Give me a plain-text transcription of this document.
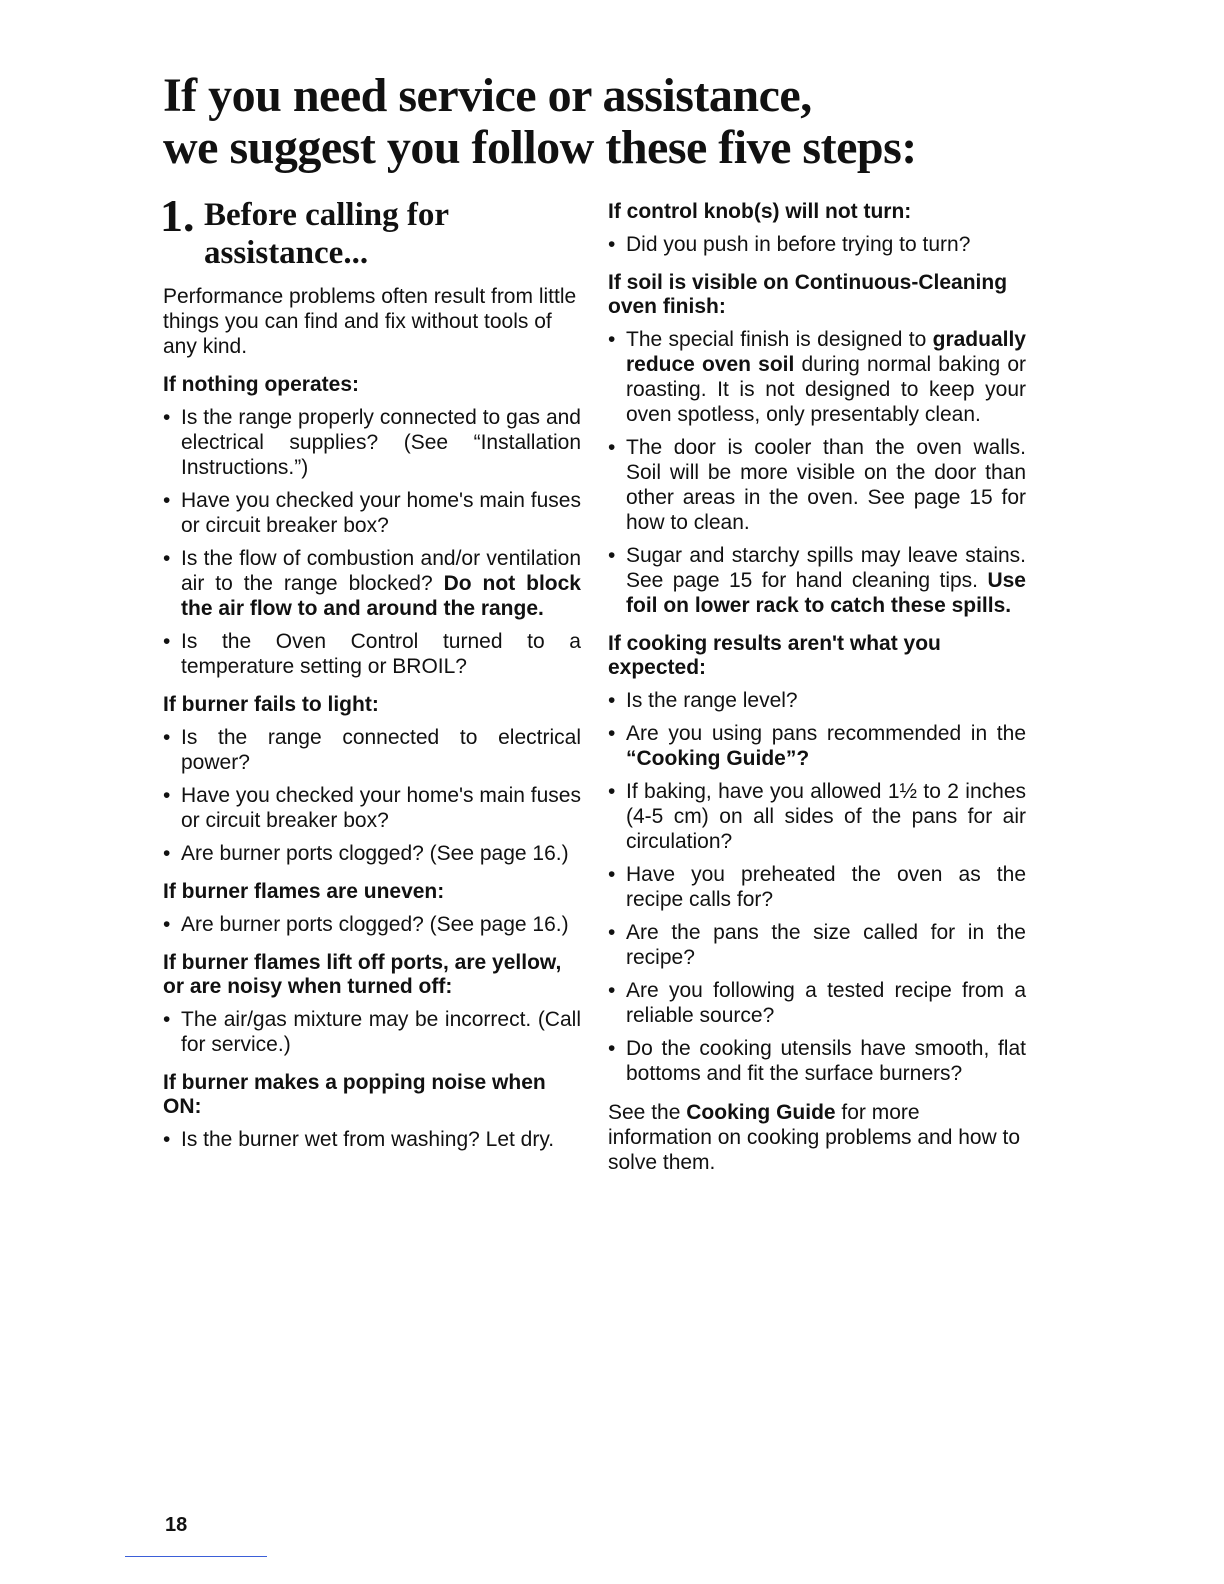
If you need service or assistance,
we suggest you follow these five steps:
1. Before calling for
assistance...

Performance problems often result from little things you can find and fix without tools of any kind.

If nothing operates:

• Is the range properly connected to gas and electrical supplies? (See “Installation Instructions.”)
• Have you checked your home's main fuses or circuit breaker box?
• Is the flow of combustion and/or ventilation air to the range blocked? Do not block the air flow to and around the range.
• Is the Oven Control turned to a temperature setting or BROIL?

If burner fails to light:

• Is the range connected to electrical power?
• Have you checked your home's main fuses or circuit breaker box?
• Are burner ports clogged? (See page 16.)

If burner flames are uneven:

• Are burner ports clogged? (See page 16.)

If burner flames lift off ports, are yellow, or are noisy when turned off:

• The air/gas mixture may be incorrect. (Call for service.)

If burner makes a popping noise when ON:

• Is the burner wet from washing? Let dry.

If control knob(s) will not turn:

• Did you push in before trying to turn?

If soil is visible on Continuous-Cleaning oven finish:

• The special finish is designed to gradually reduce oven soil during normal baking or roasting. It is not designed to keep your oven spotless, only presentably clean.
• The door is cooler than the oven walls. Soil will be more visible on the door than other areas in the oven. See page 15 for how to clean.
• Sugar and starchy spills may leave stains. See page 15 for hand cleaning tips. Use foil on lower rack to catch these spills.

If cooking results aren't what you expected:

• Is the range level?
• Are you using pans recommended in the “Cooking Guide”?
• If baking, have you allowed 1½ to 2 inches (4-5 cm) on all sides of the pans for air circulation?
• Have you preheated the oven as the recipe calls for?
• Are the pans the size called for in the recipe?
• Are you following a tested recipe from a reliable source?
• Do the cooking utensils have smooth, flat bottoms and fit the surface burners?

See the Cooking Guide for more information on cooking problems and how to solve them.

18
